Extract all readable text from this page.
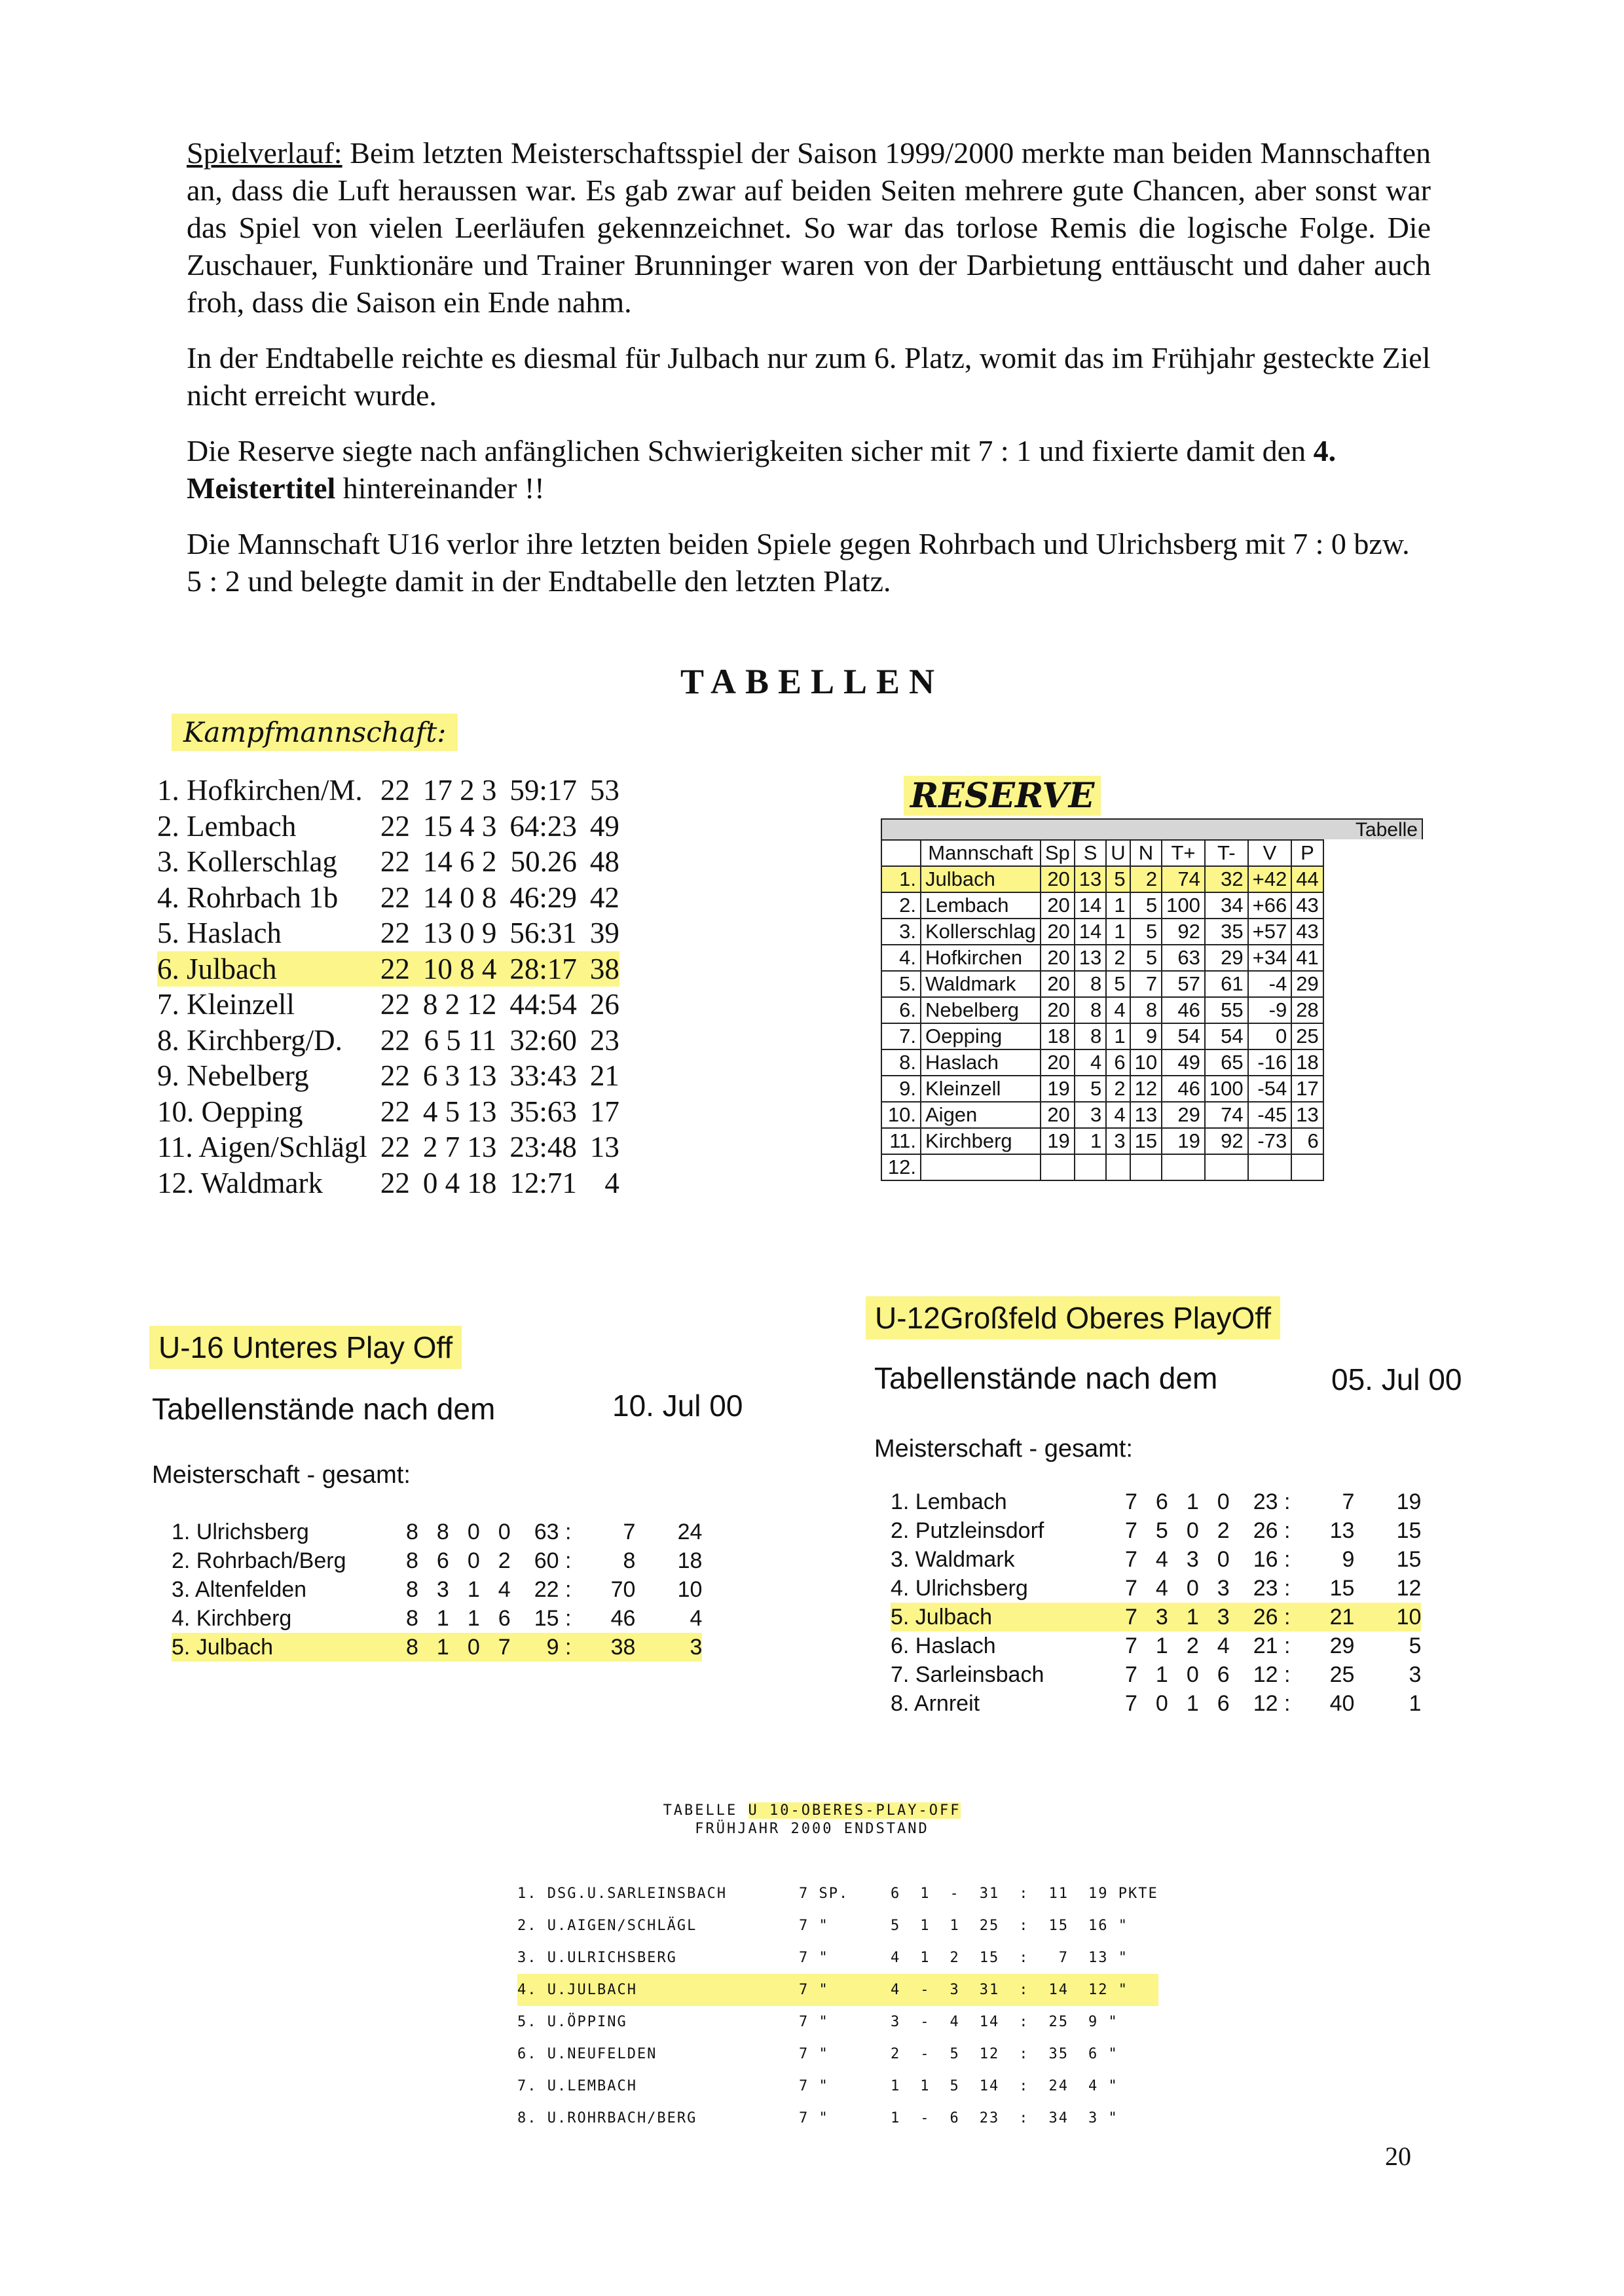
Spielverlauf: Beim letzten Meisterschaftsspiel der Saison 1999/2000 merkte man beiden Mannschaften an, dass die Luft heraussen war. Es gab zwar auf beiden Seiten mehrere gute Chancen, aber sonst war das Spiel von vielen Leerläufen gekennzeichnet. So war das torlose Remis die logische Folge. Die Zuschauer, Funktionäre und Trainer Brunninger waren von der Darbietung enttäuscht und daher auch froh, dass die Saison ein Ende nahm.

In der Endtabelle reichte es diesmal für Julbach nur zum 6. Platz, womit das im Frühjahr gesteckte Ziel nicht erreicht wurde.

Die Reserve siegte nach anfänglichen Schwierigkeiten sicher mit 7 : 1 und fixierte damit den 4. Meistertitel hintereinander !!

Die Mannschaft U16 verlor ihre letzten beiden Spiele gegen Rohrbach und Ulrichsberg mit 7 : 0 bzw. 5 : 2 und belegte damit in der Endtabelle den letzten Platz.

TABELLEN
Kampfmannschaft:
1. Hofkirchen/M.	22	17 2 3	59:17	53
2. Lembach	22	15 4 3	64:23	49
3. Kollerschlag	22	14 6 2	50.26	48
4. Rohrbach 1b	22	14 0 8	46:29	42
5. Haslach	22	13 0 9	56:31	39
6. Julbach	22	10 8 4	28:17	38
7. Kleinzell	22	8 2 12	44:54	26
8. Kirchberg/D.	22	6 5 11	32:60	23
9. Nebelberg	22	6 3 13	33:43	21
10. Oepping	22	4 5 13	35:63	17
11. Aigen/Schlägl	22	2 7 13	23:48	13
12. Waldmark	22	0 4 18	12:71	4
RESERVE
Tabelle
	Mannschaft	Sp	S	U	N	T+	T-	V	P
1.	Julbach	20	13	5	2	74	32	+42	44
2.	Lembach	20	14	1	5	100	34	+66	43
3.	Kollerschlag	20	14	1	5	92	35	+57	43
4.	Hofkirchen	20	13	2	5	63	29	+34	41
5.	Waldmark	20	8	5	7	57	61	-4	29
6.	Nebelberg	20	8	4	8	46	55	-9	28
7.	Oepping	18	8	1	9	54	54	0	25
8.	Haslach	20	4	6	10	49	65	-16	18
9.	Kleinzell	19	5	2	12	46	100	-54	17
10.	Aigen	20	3	4	13	29	74	-45	13
11.	Kirchberg	19	1	3	15	19	92	-73	6
12.									
U-16 Unteres Play Off
Tabellenstände nach dem	10. Jul 00
Meisterschaft - gesamt:
1. Ulrichsberg	8	8	0	0	63 :	7	24
2. Rohrbach/Berg	8	6	0	2	60 :	8	18
3. Altenfelden	8	3	1	4	22 :	70	10
4. Kirchberg	8	1	1	6	15 :	46	4
5. Julbach	8	1	0	7	9 :	38	3
U-12Großfeld Oberes PlayOff
Tabellenstände nach dem	05. Jul 00
Meisterschaft - gesamt:
1. Lembach	7	6	1	0	23 :	7	19
2. Putzleinsdorf	7	5	0	2	26 :	13	15
3. Waldmark	7	4	3	0	16 :	9	15
4. Ulrichsberg	7	4	0	3	23 :	15	12
5. Julbach	7	3	1	3	26 :	21	10
6. Haslach	7	1	2	4	21 :	29	5
7. Sarleinsbach	7	1	0	6	12 :	25	3
8. Arnreit	7	0	1	6	12 :	40	1
TABELLE U 10-OBERES-PLAY-OFF
FRÜHJAHR 2000 ENDSTAND
1. DSG.U.SARLEINSBACH	7 SP.	6	1	-	31	:	11	19 PKTE
2. U.AIGEN/SCHLÄGL	7 "	5	1	1	25	:	15	16 "
3. U.ULRICHSBERG	7 "	4	1	2	15	:	7	13 "
4. U.JULBACH	7 "	4	-	3	31	:	14	12 "
5. U.ÖPPING	7 "	3	-	4	14	:	25	9 "
6. U.NEUFELDEN	7 "	2	-	5	12	:	35	6 "
7. U.LEMBACH	7 "	1	1	5	14	:	24	4 "
8. U.ROHRBACH/BERG	7 "	1	-	6	23	:	34	3 "
20
